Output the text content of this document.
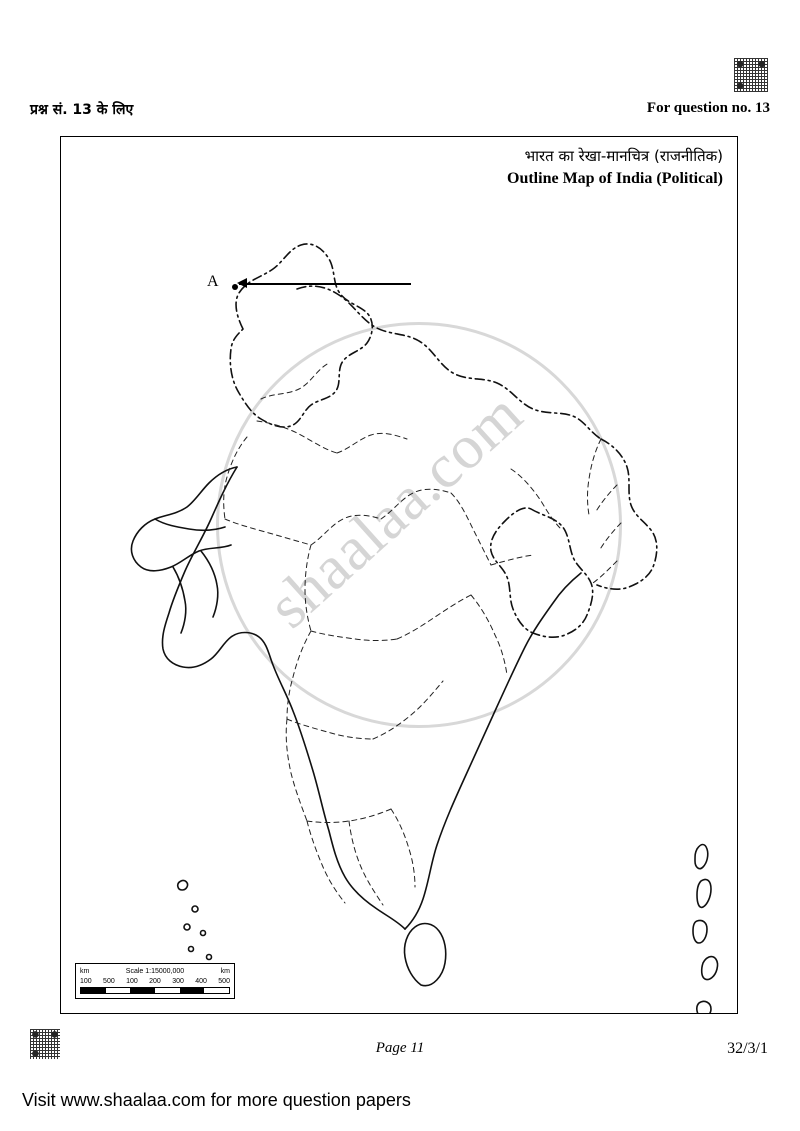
प्रश्न सं. 13 के लिए	For question no. 13
भारत का रेखा-मानचित्र (राजनीतिक)
Outline Map of India (Political)
shaalaa.com
A
km	Scale 1:15000,000	km
100 500 100 200 300 400 500
Page 11	32/3/1
Visit www.shaalaa.com for more question papers
